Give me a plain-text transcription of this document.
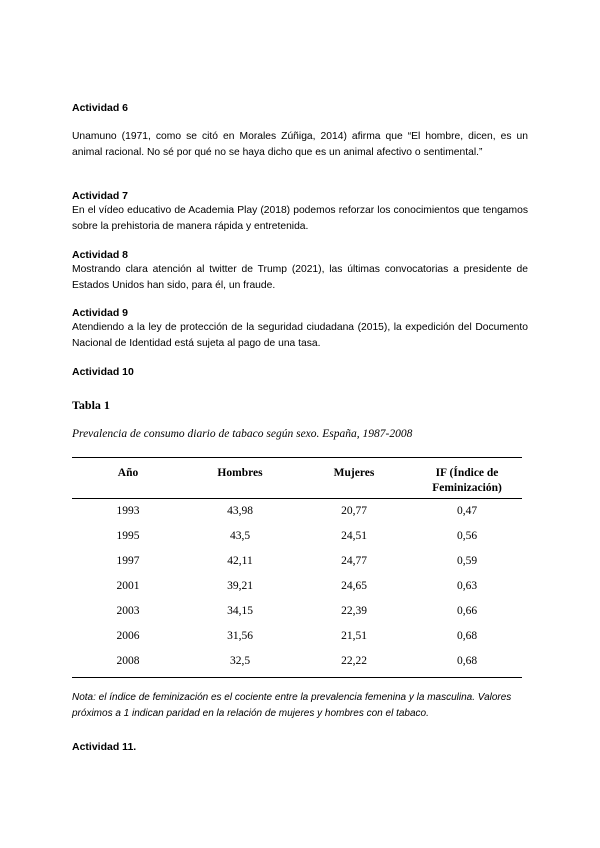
Actividad 6
Unamuno (1971, como se citó en Morales Zúñiga, 2014) afirma que “El hombre, dicen, es un animal racional. No sé por qué no se haya dicho que es un animal afectivo o sentimental.”
Actividad 7
En el vídeo educativo de Academia Play (2018) podemos reforzar los conocimientos que tengamos sobre la prehistoria de manera rápida y entretenida.
Actividad 8
Mostrando clara atención al twitter de Trump (2021), las últimas convocatorias a presidente de Estados Unidos han sido, para él, un fraude.
Actividad 9
Atendiendo a la ley de protección de la seguridad ciudadana (2015), la expedición del Documento Nacional de Identidad está sujeta al pago de una tasa.
Actividad 10
Tabla 1
Prevalencia de consumo diario de tabaco según sexo. España, 1987-2008
Año	Hombres	Mujeres	IF (Índice de Feminización)
1993	43,98	20,77	0,47
1995	43,5	24,51	0,56
1997	42,11	24,77	0,59
2001	39,21	24,65	0,63
2003	34,15	22,39	0,66
2006	31,56	21,51	0,68
2008	32,5	22,22	0,68
Nota: el índice de feminización es el cociente entre la prevalencia femenina y la masculina. Valores próximos a 1 indican paridad en la relación de mujeres y hombres con el tabaco.
Actividad 11.
